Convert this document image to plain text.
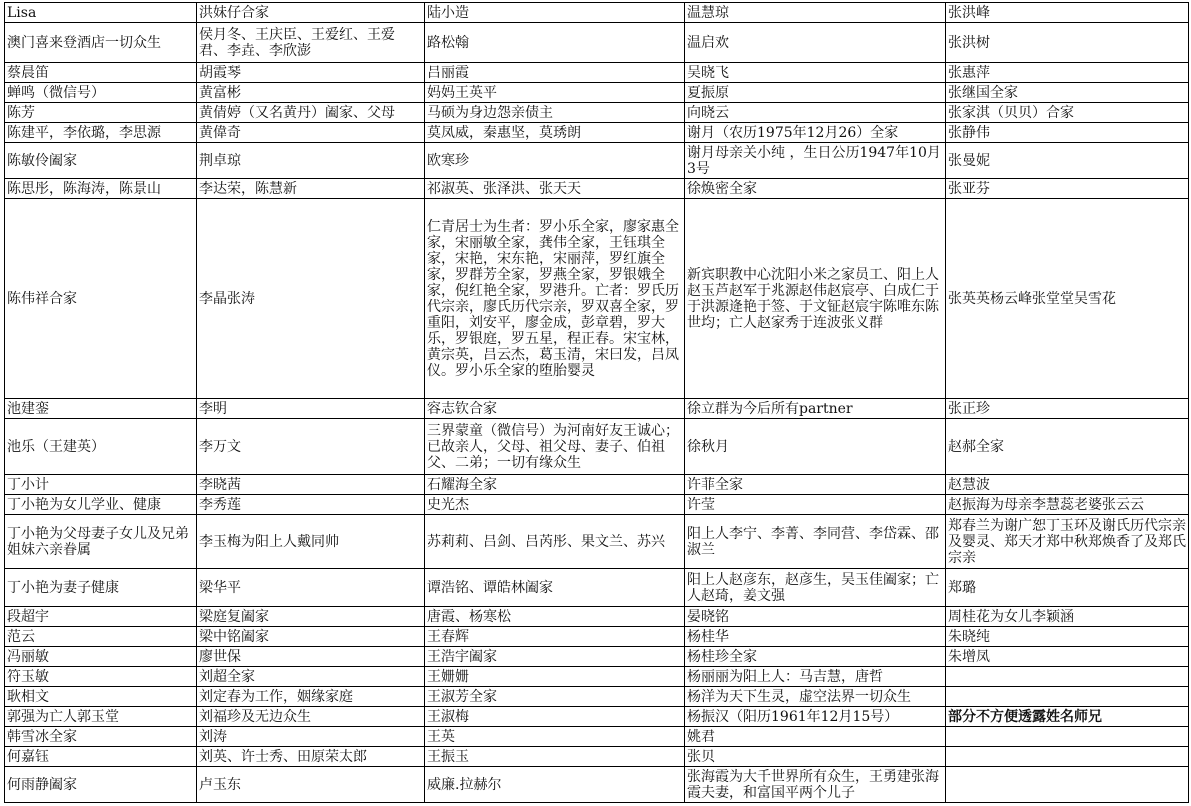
Lisa	洪妹仔合家	陆小造	温慧琼	张洪峰
澳门喜来登酒店一切众生	侯月冬、王庆臣、王爱红、王爱君、李垚、李欣澎	路松翰	温启欢	张洪树
蔡晨笛	胡霞琴	吕丽霞	吴晓飞	张惠萍
蝉鸣（微信号）	黄富彬	妈妈王英平	夏振原	张继国全家
陈芳	黄倩婷（又名黄丹）阖家、父母	马硕为身边怨亲债主	向晓云	张家淇（贝贝）合家
陈建平，李依璐，李思源	黄偉奇	莫凤威，秦惠坚，莫琇朗	谢月（农历1975年12月26）全家	张静伟
陈敏伶阖家	荆卓琼	欧寒珍	谢月母亲关小纯 ，生日公历1947年10月3号	张曼妮
陈思彤，陈海涛，陈景山	李达荣，陈慧新	祁淑英、张泽洪、张天天	徐焕密全家	张亚芬
陈伟祥合家	李晶张涛	仁青居士为生者：罗小乐全家，廖家惠全家，宋丽敏全家，龚伟全家，王钰琪全家，宋艳，宋东艳，宋丽萍，罗红旗全家，罗群芳全家，罗燕全家，罗银娥全家，倪红艳全家，罗港升。亡者：罗氏历代宗亲，廖氏历代宗亲，罗双喜全家，罗重阳，刘安平，廖金成，彭章碧，罗大乐，罗银庭，罗五星，程正春。宋宝林，黄宗英，吕云杰，葛玉清，宋曰发，吕凤仪。罗小乐全家的堕胎婴灵	新宾职教中心沈阳小米之家员工、阳上人赵玉芦赵军于兆源赵伟赵宸亭、白成仁于于洪源逄艳于签、于文钲赵宸宇陈唯东陈世均；亡人赵家秀于连波张义群	张英英杨云峰张堂堂吴雪花
池建銮	李明	容志钦合家	徐立群为今后所有partner	张正珍
池乐（王建英）	李万文	三界蒙童（微信号）为河南好友王诚心；已故亲人，父母、祖父母、妻子、伯祖父、二弟；一切有缘众生	徐秋月	赵郝全家
丁小计	李晓茜	石耀海全家	许菲全家	赵慧波
丁小艳为女儿学业、健康	李秀莲	史光杰	许莹	赵振海为母亲李慧蕊老婆张云云
丁小艳为父母妻子女儿及兄弟姐妹六亲眷属	李玉梅为阳上人戴同帅	苏莉莉、吕剑、吕芮彤、果文兰、苏兴	阳上人李宁、李菁、李同营、李岱霖、邵淑兰	郑春兰为谢广恕丁玉环及谢氏历代宗亲及婴灵、郑天才郑中秋郑焕香了及郑氏宗亲
丁小艳为妻子健康	梁华平	谭浩铭、谭皓林阖家	阳上人赵彦东，赵彦生，吴玉佳阖家；亡人赵琦，姜文强	郑璐
段超宇	梁庭复阖家	唐霞、杨寒松	晏晓铭	周桂花为女儿李颖涵
范云	梁中铭阖家	王春辉	杨桂华	朱晓纯
冯丽敏	廖世保	王浩宇阖家	杨桂珍全家	朱增凤
符玉敏	刘超全家	王姗姗	杨丽丽为阳上人：马吉慧，唐哲	
耿相文	刘定春为工作，姻缘家庭	王淑芳全家	杨洋为天下生灵，虚空法界一切众生	
郭强为亡人郭玉堂	刘福珍及无边众生	王淑梅	杨振汉（阳历1961年12月15号）	部分不方便透露姓名师兄
韩雪冰全家	刘涛	王英	姚君	
何嘉钰	刘英、许士秀、田原荣太郎	王振玉	张贝	
何雨静阖家	卢玉东	威廉.拉赫尔	张海霞为大千世界所有众生，王勇建张海霞夫妻，和富国平两个儿子	
